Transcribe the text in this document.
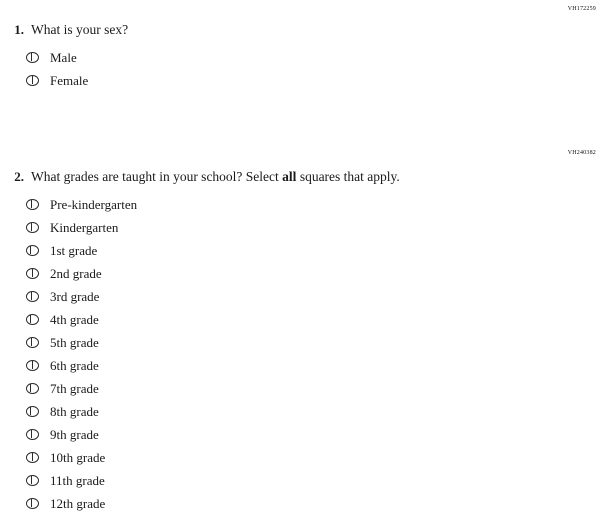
VH172259
1. What is your sex?
Male
Female
VH240382
2. What grades are taught in your school? Select all squares that apply.
Pre-kindergarten
Kindergarten
1st grade
2nd grade
3rd grade
4th grade
5th grade
6th grade
7th grade
8th grade
9th grade
10th grade
11th grade
12th grade
